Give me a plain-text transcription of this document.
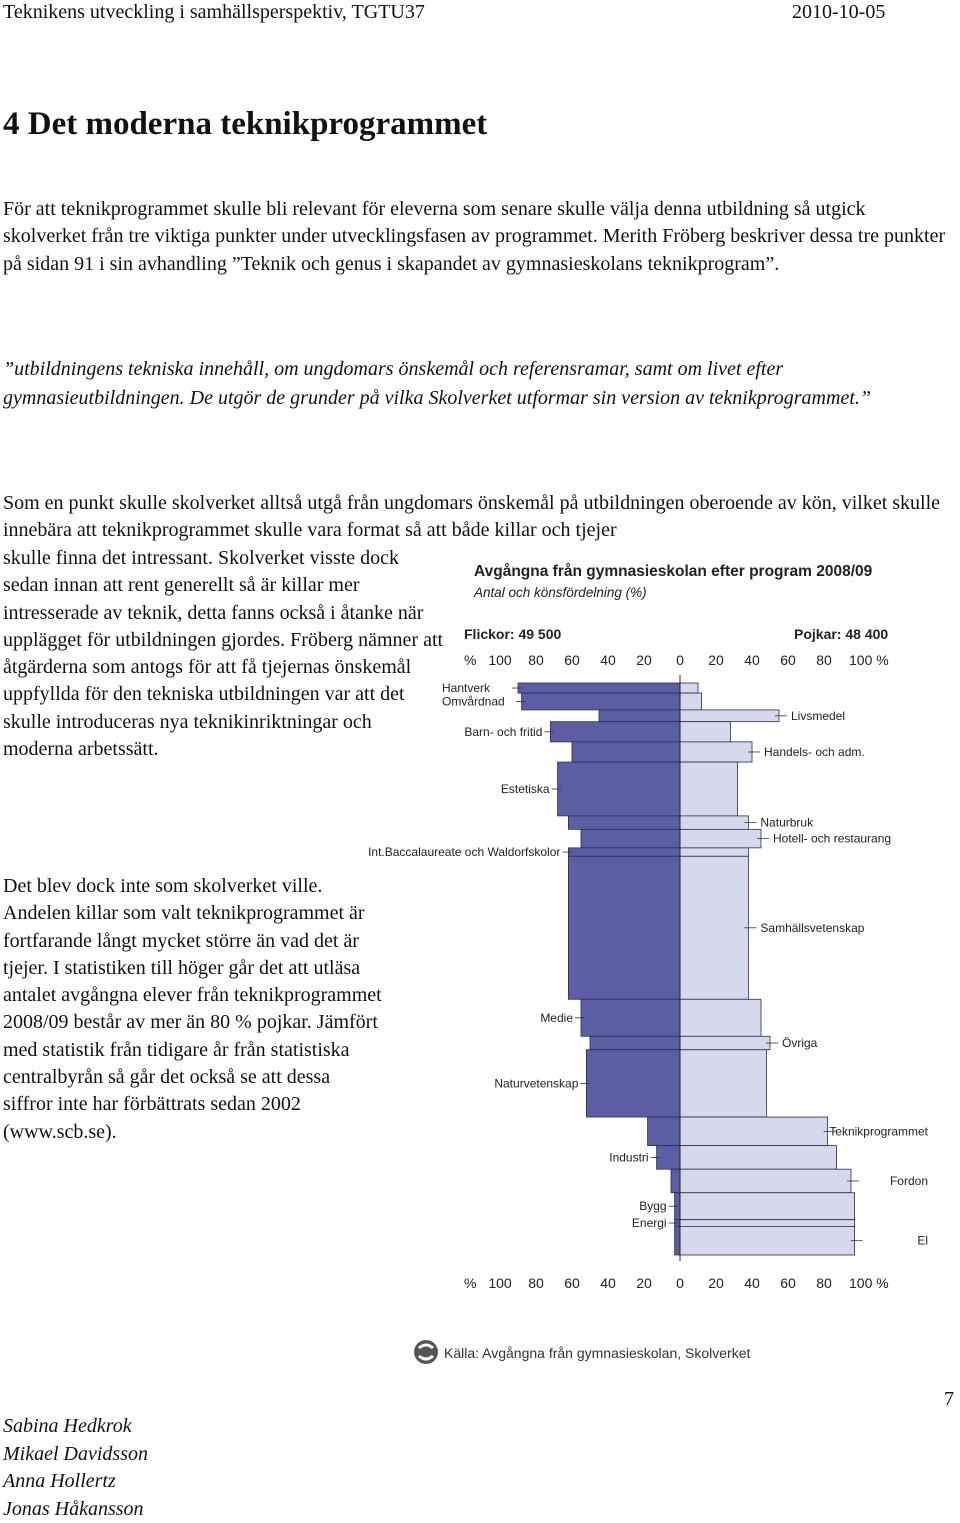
Teknikens utveckling i samhällsperspektiv, TGTU37	2010-10-05
4 Det moderna teknikprogrammet

För att teknikprogrammet skulle bli relevant för eleverna som senare skulle välja denna utbildning så utgick skolverket från tre viktiga punkter under utvecklingsfasen av programmet. Merith Fröberg beskriver dessa tre punkter på sidan 91 i sin avhandling ”Teknik och genus i skapandet av gymnasieskolans teknikprogram”.

”utbildningens tekniska innehåll, om ungdomars önskemål och referensramar, samt om livet efter gymnasieutbildningen. De utgör de grunder på vilka Skolverket utformar sin version av teknikprogrammet.”

Som en punkt skulle skolverket alltså utgå från ungdomars önskemål på utbildningen oberoende av kön, vilket skulle innebära att teknikprogrammet skulle vara format så att både killar och tjejer

skulle finna det intressant. Skolverket visste dock sedan innan att rent generellt så är killar mer intresserade av teknik, detta fanns också i åtanke när upplägget för utbildningen gjordes. Fröberg nämner att åtgärderna som antogs för att få tjejernas önskemål uppfyllda för den tekniska utbildningen var att det skulle introduceras nya teknikinriktningar och moderna arbetssätt.

Det blev dock inte som skolverket ville. Andelen killar som valt teknikprogrammet är fortfarande långt mycket större än vad det är tjejer. I statistiken till höger går det att utläsa antalet avgångna elever från teknikprogrammet 2008/09 består av mer än 80 % pojkar. Jämfört med statistik från tidigare år från statistiska centralbyrån så går det också se att dessa siffror inte har förbättrats sedan 2002 (www.scb.se).

Avgångna från gymnasieskolan efter program 2008/09
Antal och könsfördelning (%)
Flickor: 49 500	Pojkar: 48 400
% 100 80 60 40 20 0 20 40 60 80 100 %
Hantverk
Omvårdnad
Livsmedel
Barn- och fritid
Handels- och adm.
Estetiska
Naturbruk
Hotell- och restaurang
Int.Baccalaureate och Waldorfskolor
Samhällsvetenskap
Medie
Övriga
Naturvetenskap
Teknikprogrammet
Industri
Fordon
Bygg
Energi
El
% 100 80 60 40 20 0 20 40 60 80 100 %
Källa: Avgångna från gymnasieskolan, Skolverket
7
Sabina Hedkrok
Mikael Davidsson
Anna Hollertz
Jonas Håkansson
